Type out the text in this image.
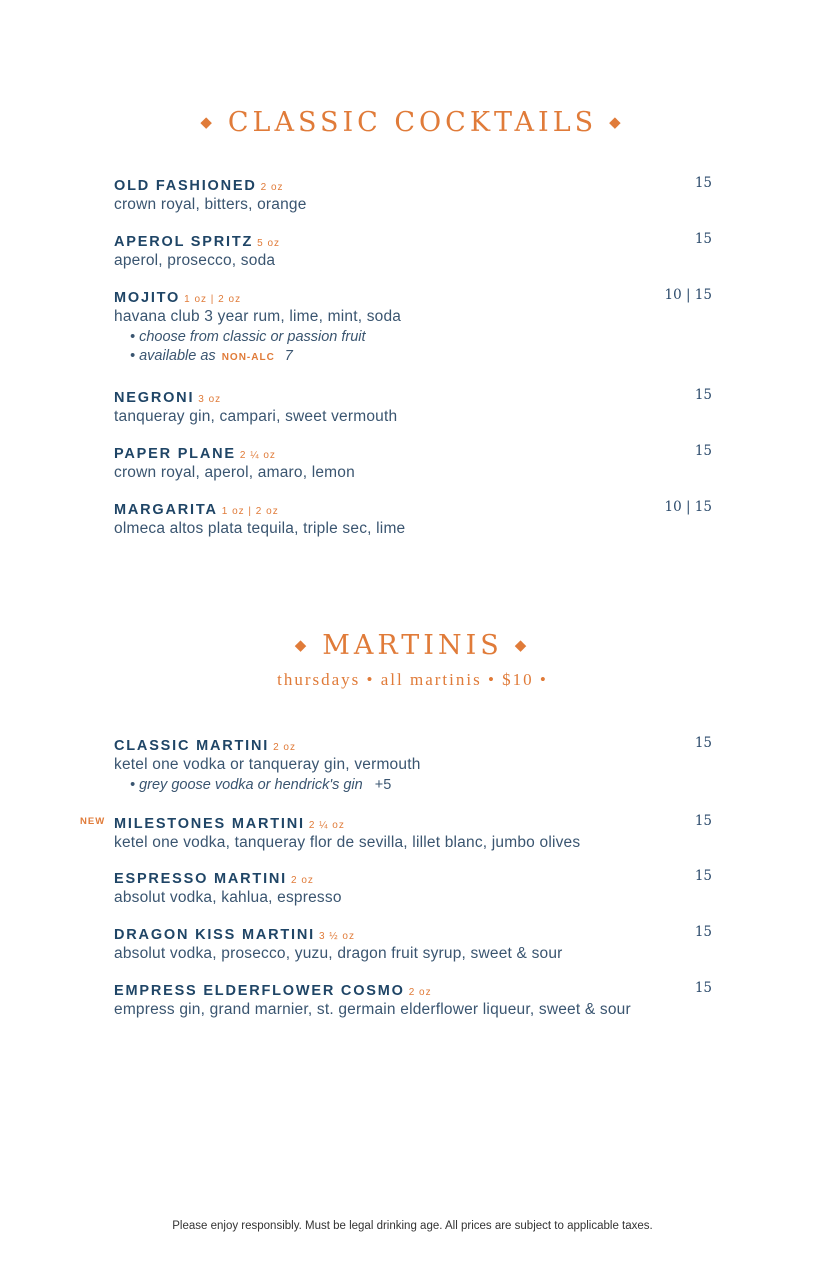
◆ CLASSIC COCKTAILS ◆
OLD FASHIONED 2 oz	15
crown royal, bitters, orange
APEROL SPRITZ 5 oz	15
aperol, prosecco, soda
MOJITO 1 oz | 2 oz	10 | 15
havana club 3 year rum, lime, mint, soda
• choose from classic or passion fruit
• available as NON-ALC 7
NEGRONI 3 oz	15
tanqueray gin, campari, sweet vermouth
PAPER PLANE 2 ¼ oz	15
crown royal, aperol, amaro, lemon
MARGARITA 1 oz | 2 oz	10 | 15
olmeca altos plata tequila, triple sec, lime
◆ MARTINIS ◆
thursdays • all martinis • $10 •
CLASSIC MARTINI 2 oz	15
ketel one vodka or tanqueray gin, vermouth
• grey goose vodka or hendrick's gin +5
NEW MILESTONES MARTINI 2 ¼ oz	15
ketel one vodka, tanqueray flor de sevilla, lillet blanc, jumbo olives
ESPRESSO MARTINI 2 oz	15
absolut vodka, kahlua, espresso
DRAGON KISS MARTINI 3 ½ oz	15
absolut vodka, prosecco, yuzu, dragon fruit syrup, sweet & sour
EMPRESS ELDERFLOWER COSMO 2 oz	15
empress gin, grand marnier, st. germain elderflower liqueur, sweet & sour
Please enjoy responsibly. Must be legal drinking age. All prices are subject to applicable taxes.
